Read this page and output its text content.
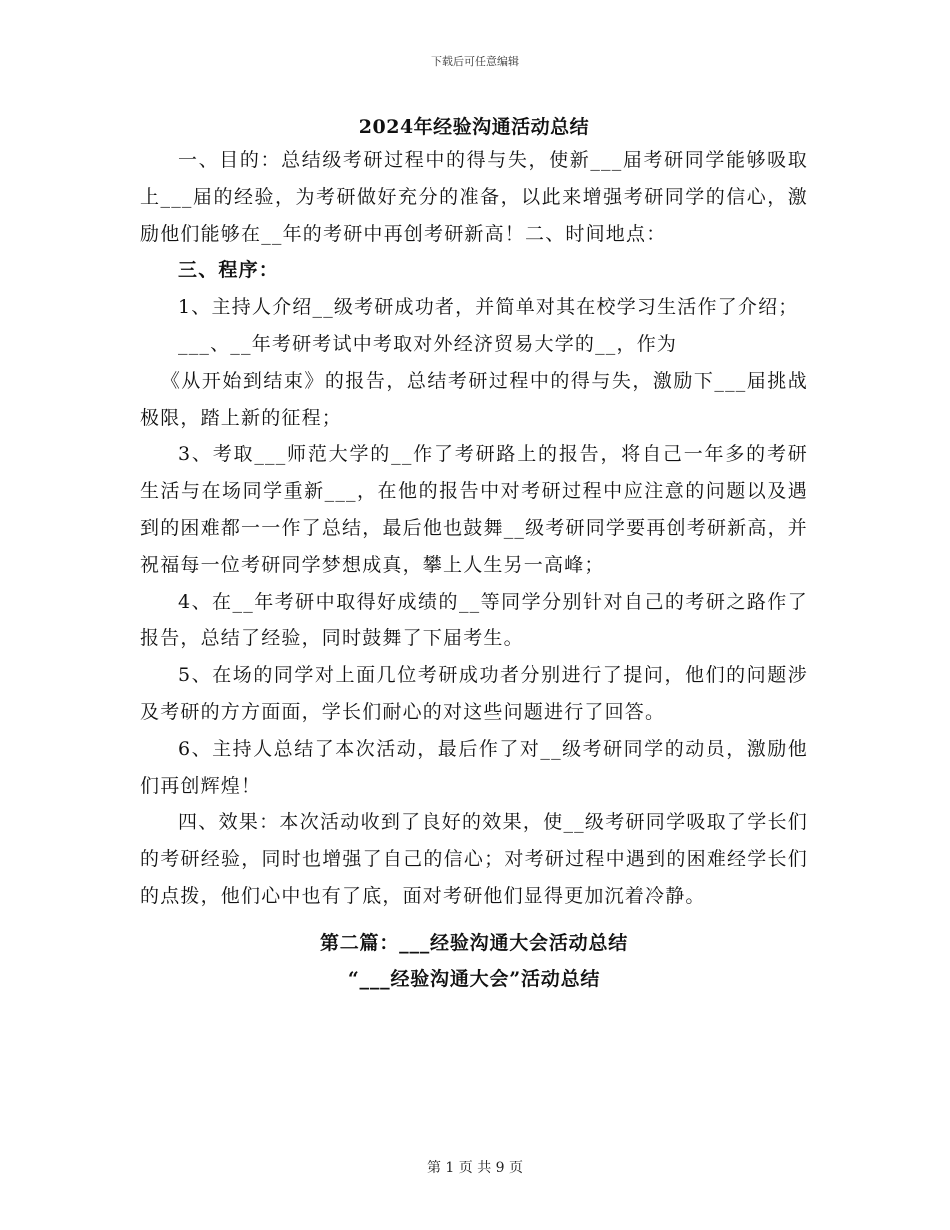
下载后可任意编辑
2024年经验沟通活动总结

一、目的：总结级考研过程中的得与失，使新___届考研同学能够吸取上___届的经验，为考研做好充分的准备，以此来增强考研同学的信心，激励他们能够在__年的考研中再创考研新高！二、时间地点：

三、程序：

1、主持人介绍__级考研成功者，并简单对其在校学习生活作了介绍；

___、__年考研考试中考取对外经济贸易大学的__，作为

《从开始到结束》的报告，总结考研过程中的得与失，激励下___届挑战极限，踏上新的征程；

3、考取___师范大学的__作了考研路上的报告，将自己一年多的考研生活与在场同学重新___，在他的报告中对考研过程中应注意的问题以及遇到的困难都一一作了总结，最后他也鼓舞__级考研同学要再创考研新高，并祝福每一位考研同学梦想成真，攀上人生另一高峰；

4、在__年考研中取得好成绩的__等同学分别针对自己的考研之路作了报告，总结了经验，同时鼓舞了下届考生。

5、在场的同学对上面几位考研成功者分别进行了提问，他们的问题涉及考研的方方面面，学长们耐心的对这些问题进行了回答。

6、主持人总结了本次活动，最后作了对__级考研同学的动员，激励他们再创辉煌！

四、效果：本次活动收到了良好的效果，使__级考研同学吸取了学长们的考研经验，同时也增强了自己的信心；对考研过程中遇到的困难经学长们的点拨，他们心中也有了底，面对考研他们显得更加沉着冷静。

第二篇：___经验沟通大会活动总结

“___经验沟通大会”活动总结

第 1 页 共 9 页
